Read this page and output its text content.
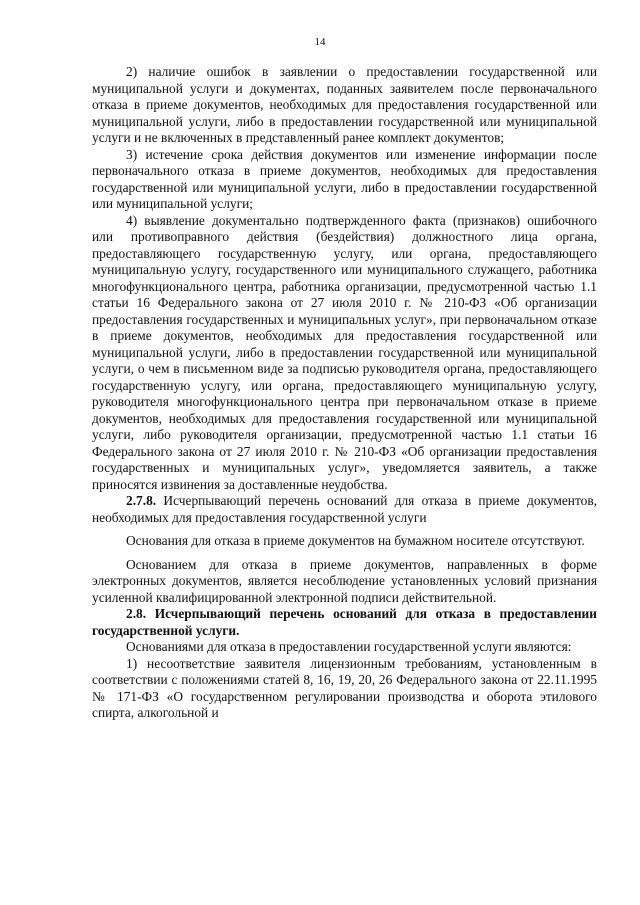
14

2) наличие ошибок в заявлении о предоставлении государственной или муниципальной услуги и документах, поданных заявителем после первоначального отказа в приеме документов, необходимых для предоставления государственной или муниципальной услуги, либо в предоставлении государственной или муниципальной услуги и не включенных в представленный ранее комплект документов;

3) истечение срока действия документов или изменение информации после первоначального отказа в приеме документов, необходимых для предоставления государственной или муниципальной услуги, либо в предоставлении государственной или муниципальной услуги;

4) выявление документально подтвержденного факта (признаков) ошибочного или противоправного действия (бездействия) должностного лица органа, предоставляющего государственную услугу, или органа, предоставляющего муниципальную услугу, государственного или муниципального служащего, работника многофункционального центра, работника организации, предусмотренной частью 1.1 статьи 16 Федерального закона от 27 июля 2010 г. № 210-ФЗ «Об организации предоставления государственных и муниципальных услуг», при первоначальном отказе в приеме документов, необходимых для предоставления государственной или муниципальной услуги, либо в предоставлении государственной или муниципальной услуги, о чем в письменном виде за подписью руководителя органа, предоставляющего государственную услугу, или органа, предоставляющего муниципальную услугу, руководителя многофункционального центра при первоначальном отказе в приеме документов, необходимых для предоставления государственной или муниципальной услуги, либо руководителя организации, предусмотренной частью 1.1 статьи 16 Федерального закона от 27 июля 2010 г. № 210-ФЗ «Об организации предоставления государственных и муниципальных услуг», уведомляется заявитель, а также приносятся извинения за доставленные неудобства.

2.7.8. Исчерпывающий перечень оснований для отказа в приеме документов, необходимых для предоставления государственной услуги

Основания для отказа в приеме документов на бумажном носителе отсутствуют.

Основанием для отказа в приеме документов, направленных в форме электронных документов, является несоблюдение установленных условий признания усиленной квалифицированной электронной подписи действительной.

2.8. Исчерпывающий перечень оснований для отказа в предоставлении государственной услуги.

Основаниями для отказа в предоставлении государственной услуги являются:

1) несоответствие заявителя лицензионным требованиям, установленным в соответствии с положениями статей 8, 16, 19, 20, 26 Федерального закона от 22.11.1995 № 171-ФЗ «О государственном регулировании производства и оборота этилового спирта, алкогольной и
